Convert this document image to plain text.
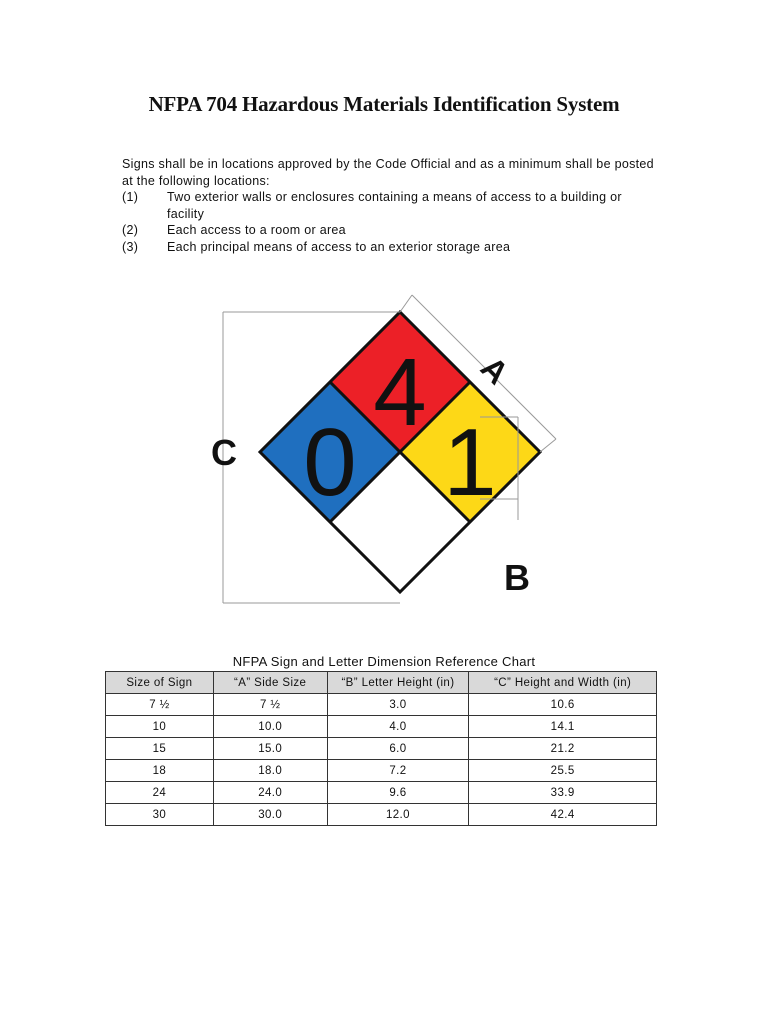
NFPA 704 Hazardous Materials Identification System

Signs shall be in locations approved by the Code Official and as a minimum shall be posted at the following locations:

(1)	Two exterior walls or enclosures containing a means of access to a building or facility
(2)	Each access to a room or area
(3)	Each principal means of access to an exterior storage area
4
0 1
C
A
B
NFPA Sign and Letter Dimension Reference Chart
Size of Sign	“A” Side Size	“B” Letter Height (in)	“C” Height and Width (in)
7 ½	7 ½	3.0	10.6
10	10.0	4.0	14.1
15	15.0	6.0	21.2
18	18.0	7.2	25.5
24	24.0	9.6	33.9
30	30.0	12.0	42.4
